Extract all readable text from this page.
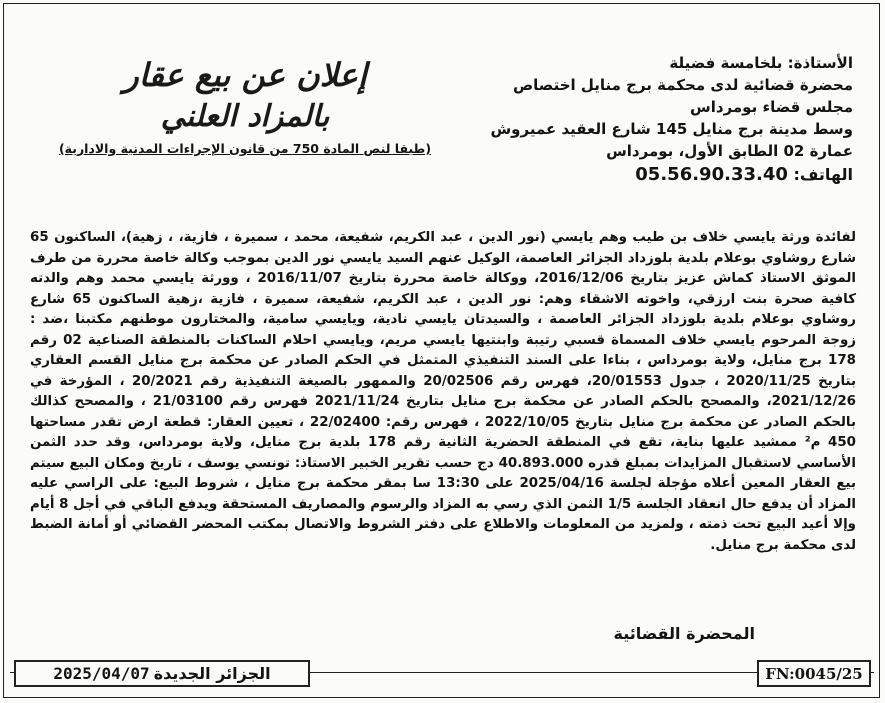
الأستاذة: بلخامسة فضيلة
محضرة قضائية لدى محكمة برج منايل اختصاص
مجلس قضاء بومرداس
وسط مدينة برج منايل 145 شارع العقيد عميروش
عمارة 02 الطابق الأول، بومرداس
الهاتف: 05.56.90.33.40
إعلان عن بيع عقار
بالمزاد العلني
(طبقا لنص المادة 750 من قانون الإجراءات المدنية والادارية)

لفائدة ورثة يايسي خلاف بن طيب وهم يايسي (نور الدين ، عبد الكريم، شفيعة، محمد ، سميرة ، فازية، ، زهية)، الساكنون 65 شارع روشاوي بوعلام بلدية بلوزداد الجزائر العاصمة، الوكيل عنهم السيد يايسي نور الدين بموجب وكالة خاصة محررة من طرف الموثق الاستاذ كماش عزيز بتاريخ 2016/12/06، ووكالة خاصة محررة بتاريخ 2016/11/07 ، وورثة يايسي محمد وهم والدته كافية صحرة بنت ارزقي، واخوته الاشقاء وهم: نور الدين ، عبد الكريم، شفيعة، سميرة ، فازية ،زهية الساكنون 65 شارع روشاوي بوعلام بلدية بلوزداد الجزائر العاصمة ، والسيدتان يايسي نادية، ويايسي سامية، والمختارون موطنهم مكتبنا ،ضد : زوجة المرحوم يايسي خلاف المسماة قسبي رتيبة وابنتيها يايسي مريم، ويايسي احلام الساكنات بالمنطقة الصناعية 02 رقم 178 برج منايل، ولاية بومرداس ، بناءا على السند التنفيذي المتمثل في الحكم الصادر عن محكمة برج منايل القسم العقاري بتاريخ 2020/11/25 ، جدول 20/01553، فهرس رقم 20/02506 والممهور بالصيغة التنفيذية رقم 20/2021 ، المؤرخة في 2021/12/26، والمصحح بالحكم الصادر عن محكمة برج منايل بتاريخ 2021/11/24 فهرس رقم 21/03100 ، والمصحح كذالك بالحكم الصادر عن محكمة برج منايل بتاريخ 2022/10/05 ، فهرس رقم: 22/02400 ، تعيين العقار: قطعة ارض تقدر مساحتها 450 م² ممشيد عليها بناية، تقع في المنطقة الحضرية الثانية رقم 178 بلدية برج منايل، ولاية بومرداس، وقد حدد الثمن الأساسي لاستقبال المزايدات بمبلغ قدره 40.893.000 دج حسب تقرير الخبير الاستاذ: تونسي يوسف ، تاريخ ومكان البيع سيتم بيع العقار المعين أعلاه مؤجلة لجلسة 2025/04/16 على 13:30 سا بمقر محكمة برج منايل ، شروط البيع: على الراسي عليه المزاد أن يدفع حال انعقاد الجلسة 1/5 الثمن الذي رسي به المزاد والرسوم والمصاريف المستحقة ويدفع الباقي في أجل 8 أيام وإلا أعيد البيع تحت ذمته ، ولمزيد من المعلومات والاطلاع على دفتر الشروط والاتصال بمكتب المحضر القضائي أو أمانة الضبط لدى محكمة برج منايل.

المحضرة القضائية
الجزائر الجديدة
2025/04/07	FN:0045/25
